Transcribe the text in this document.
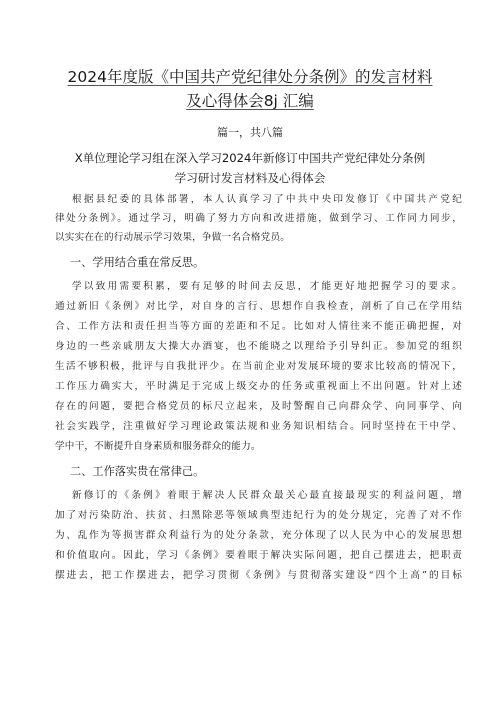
2024年度版《中国共产党纪律处分条例》的发言材料
及心得体会8j 汇编
篇一，共八篇
X单位理论学习组在深入学习2024年新修订中国共产党纪律处分条例
学习研讨发言材料及心得体会
根据县纪委的具体部署，本人认真学习了中共中央印发修订《中国共产党纪
律处分条例》。通过学习，明确了努力方向和改进措施，做到学习、工作同力同步，
以实实在在的行动展示学习效果，争做一名合格党员。
一、学用结合重在常反思。
学以致用需要积累，要有足够的时间去反思，才能更好地把握学习的要求。
通过新旧《条例》对比学，对自身的言行、思想作自我检查，剖析了自己在学用结
合、工作方法和责任担当等方面的差距和不足。比如对人情往来不能正确把握，对
身边的一些亲戚朋友大操大办酒宴，也不能晓之以理给予引导纠正。参加党的组织
生活不够积极，批评与自我批评少。在当前企业对发展环境的要求比较高的情况下，
工作压力确实大，平时满足于完成上级交办的任务或重视面上不出问题。针对上述
存在的问题，要把合格党员的标尺立起来，及时警醒自己向群众学、向同事学、向
社会实践学，注重做好学习理论政策法规和业务知识相结合。同时坚持在干中学、
学中干，不断提升自身素质和服务群众的能力。
二、工作落实贵在常律己。
新修订的《条例》着眼于解决人民群众最关心最直接最现实的利益问题，增
加了对污染防治、扶贫、扫黑除恶等领域典型违纪行为的处分规定，完善了对不作
为、乱作为等损害群众利益行为的处分条款，充分体现了以人民为中心的发展思想
和价值取向。因此，学习《条例》要着眼于解决实际问题，把自己摆进去，把职责
摆进去，把工作摆进去，把学习贯彻《条例》与贯彻落实建设“四个上高”的目标
